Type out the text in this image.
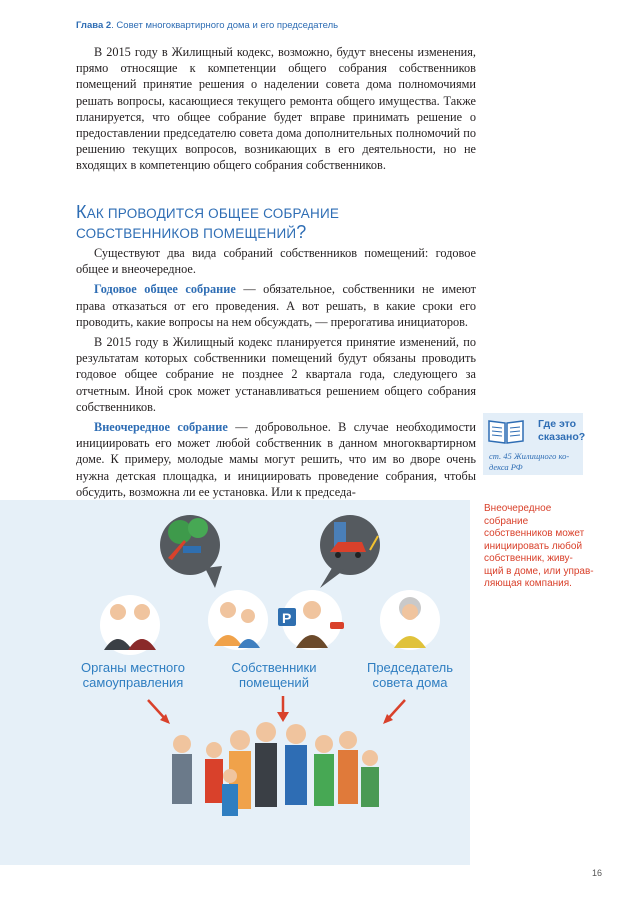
Глава 2. Совет многоквартирного дома и его председатель

В 2015 году в Жилищный кодекс, возможно, будут внесены изменения, прямо относящие к компетенции общего собрания собственников помещений принятие решения о наделении совета дома полномочиями решать вопросы, касающиеся текущего ремонта общего имущества. Также планируется, что общее собрание будет вправе принимать решение о предоставлении председателю совета дома дополнительных полномочий по решению текущих вопросов, возникающих в его деятельности, но не входящих в компетенцию общего собрания собственников.

КАК ПРОВОДИТСЯ ОБЩЕЕ СОБРАНИЕ
СОБСТВЕННИКОВ ПОМЕЩЕНИЙ?

Существуют два вида собраний собственников помещений: годовое общее и внеочередное.

Годовое общее собрание — обязательное, собственники не имеют права отказаться от его проведения. А вот решать, в какие сроки его проводить, какие вопросы на нем обсуждать, — прерогатива инициаторов.

В 2015 году в Жилищный кодекс планируется принятие изменений, по результатам которых собственники помещений будут обязаны проводить годовое общее собрание не позднее 2 квартала года, следующего за отчетным. Иной срок может устанавливаться решением общего собрания собственников.

Внеочередное собрание — добровольное. В случае необходимости инициировать его может любой собственник в данном многоквартирном доме. К примеру, молодые мамы могут решить, что им во дворе очень нужна детская площадка, и инициировать проведение собрания, чтобы обсудить, возможна ли ее установка. Или к председа-

Где это
сказано?
ст. 45 Жилищного ко-
декса РФ
Внеочередное собрание
собственников может
инициировать любой
собственник, живу-
щий в доме, или управ-
ляющая компания.
P
Органы местного
самоуправления
Собственники
помещений
Председатель
совета дома
16
